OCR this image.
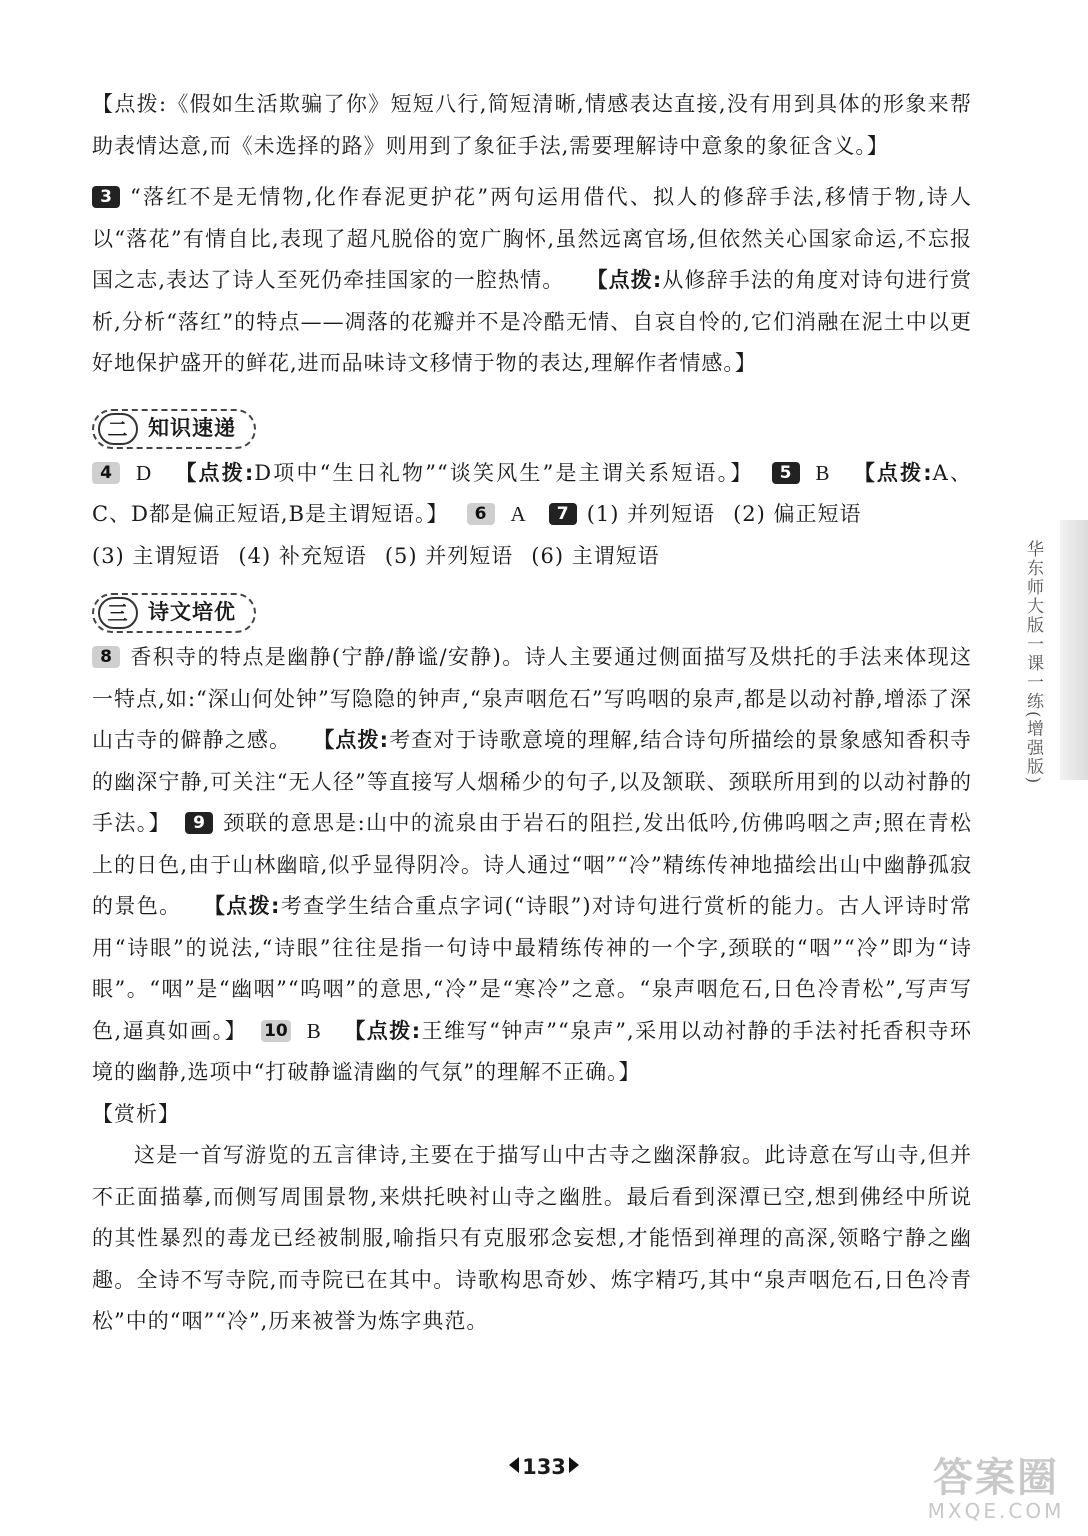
【点拨:《假如生活欺骗了你》短短八行,简短清晰,情感表达直接,没有用到具体的形象来帮助表情达意,而《未选择的路》则用到了象征手法,需要理解诗中意象的象征含义。】

3 “落红不是无情物,化作春泥更护花”两句运用借代、拟人的修辞手法,移情于物,诗人以“落花”有情自比,表现了超凡脱俗的宽广胸怀,虽然远离官场,但依然关心国家命运,不忘报国之志,表达了诗人至死仍牵挂国家的一腔热情。 【点拨:从修辞手法的角度对诗句进行赏析,分析“落红”的特点——凋落的花瓣并不是冷酷无情、自哀自怜的,它们消融在泥土中以更好地保护盛开的鲜花,进而品味诗文移情于物的表达,理解作者情感。】

二 知识速递

4 D 【点拨:D项中“生日礼物”“谈笑风生”是主谓关系短语。】 5 B 【点拨:A、C、D都是偏正短语,B是主谓短语。】 6 A 7 (1) 并列短语 (2) 偏正短语
(3) 主谓短语 (4) 补充短语 (5) 并列短语 (6) 主谓短语

三 诗文培优

8 香积寺的特点是幽静(宁静/静谧/安静)。诗人主要通过侧面描写及烘托的手法来体现这一特点,如:“深山何处钟”写隐隐的钟声,“泉声咽危石”写呜咽的泉声,都是以动衬静,增添了深山古寺的僻静之感。 【点拨:考查对于诗歌意境的理解,结合诗句所描绘的景象感知香积寺的幽深宁静,可关注“无人径”等直接写人烟稀少的句子,以及颔联、颈联所用到的以动衬静的手法。】 9 颈联的意思是:山中的流泉由于岩石的阻拦,发出低吟,仿佛呜咽之声;照在青松上的日色,由于山林幽暗,似乎显得阴冷。诗人通过“咽”“冷”精练传神地描绘出山中幽静孤寂的景色。 【点拨:考查学生结合重点字词(“诗眼”)对诗句进行赏析的能力。古人评诗时常用“诗眼”的说法,“诗眼”往往是指一句诗中最精练传神的一个字,颈联的“咽”“冷”即为“诗眼”。“咽”是“幽咽”“呜咽”的意思,“冷”是“寒冷”之意。“泉声咽危石,日色冷青松”,写声写色,逼真如画。】 10 B 【点拨:王维写“钟声”“泉声”,采用以动衬静的手法衬托香积寺环境的幽静,选项中“打破静谧清幽的气氛”的理解不正确。】

【赏析】

这是一首写游览的五言律诗,主要在于描写山中古寺之幽深静寂。此诗意在写山寺,但并不正面描摹,而侧写周围景物,来烘托映衬山寺之幽胜。最后看到深潭已空,想到佛经中所说的其性暴烈的毒龙已经被制服,喻指只有克服邪念妄想,才能悟到禅理的高深,领略宁静之幽趣。全诗不写寺院,而寺院已在其中。诗歌构思奇妙、炼字精巧,其中“泉声咽危石,日色冷青松”中的“咽”“冷”,历来被誉为炼字典范。

华东师大版一课一练(增强版)
133	答案圈
MXQE.COM
